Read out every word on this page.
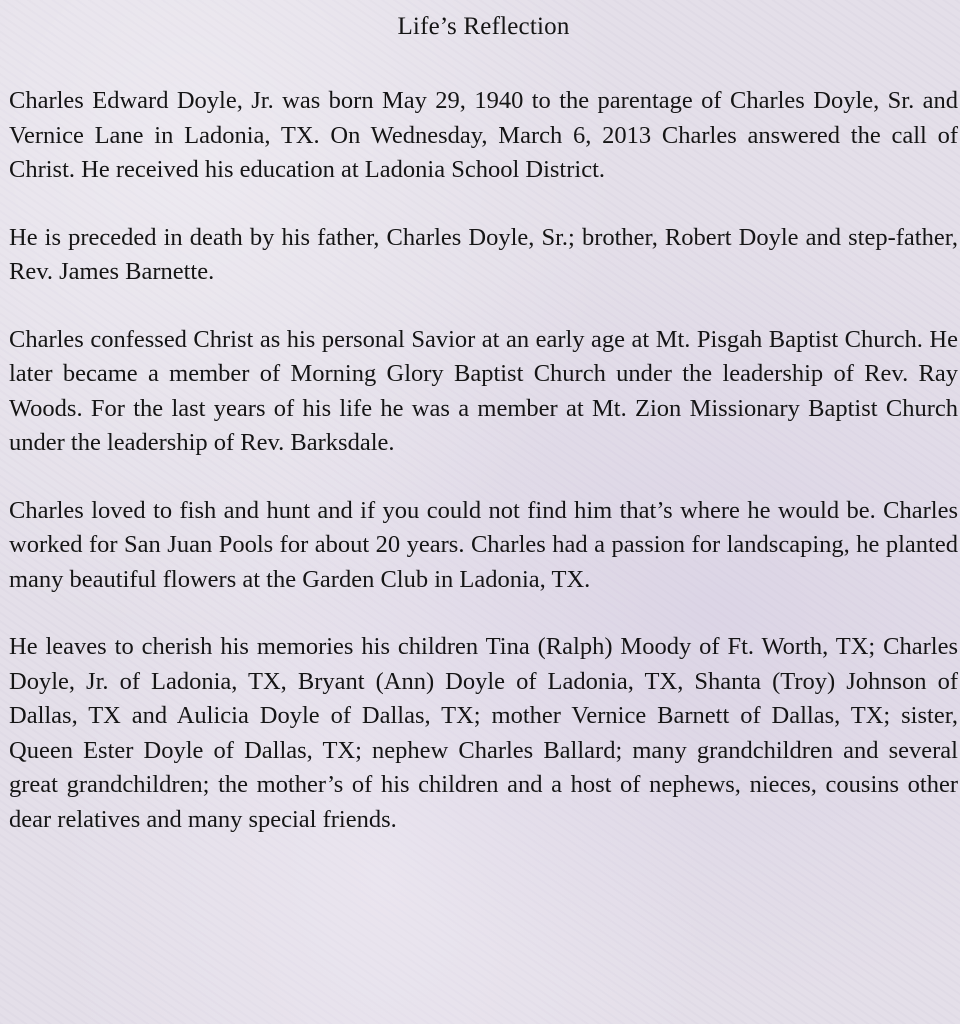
Life’s Reflection

Charles Edward Doyle, Jr. was born May 29, 1940 to the parentage of Charles Doyle, Sr. and Vernice Lane in Ladonia, TX. On Wednesday, March 6, 2013 Charles answered the call of Christ. He received his education at Ladonia School District.

He is preceded in death by his father, Charles Doyle, Sr.; brother, Robert Doyle and step-father, Rev. James Barnette.

Charles confessed Christ as his personal Savior at an early age at Mt. Pisgah Baptist Church. He later became a member of Morning Glory Baptist Church under the leadership of Rev. Ray Woods. For the last years of his life he was a member at Mt. Zion Missionary Baptist Church under the leadership of Rev. Barksdale.

Charles loved to fish and hunt and if you could not find him that’s where he would be. Charles worked for San Juan Pools for about 20 years. Charles had a passion for landscaping, he planted many beautiful flowers at the Garden Club in Ladonia, TX.

He leaves to cherish his memories his children Tina (Ralph) Moody of Ft. Worth, TX; Charles Doyle, Jr. of Ladonia, TX, Bryant (Ann) Doyle of Ladonia, TX, Shanta (Troy) Johnson of Dallas, TX and Aulicia Doyle of Dallas, TX; mother Vernice Barnett of Dallas, TX; sister, Queen Ester Doyle of Dallas, TX; nephew Charles Ballard; many grandchildren and several great grandchildren; the mother’s of his children and a host of nephews, nieces, cousins other dear relatives and many special friends.
